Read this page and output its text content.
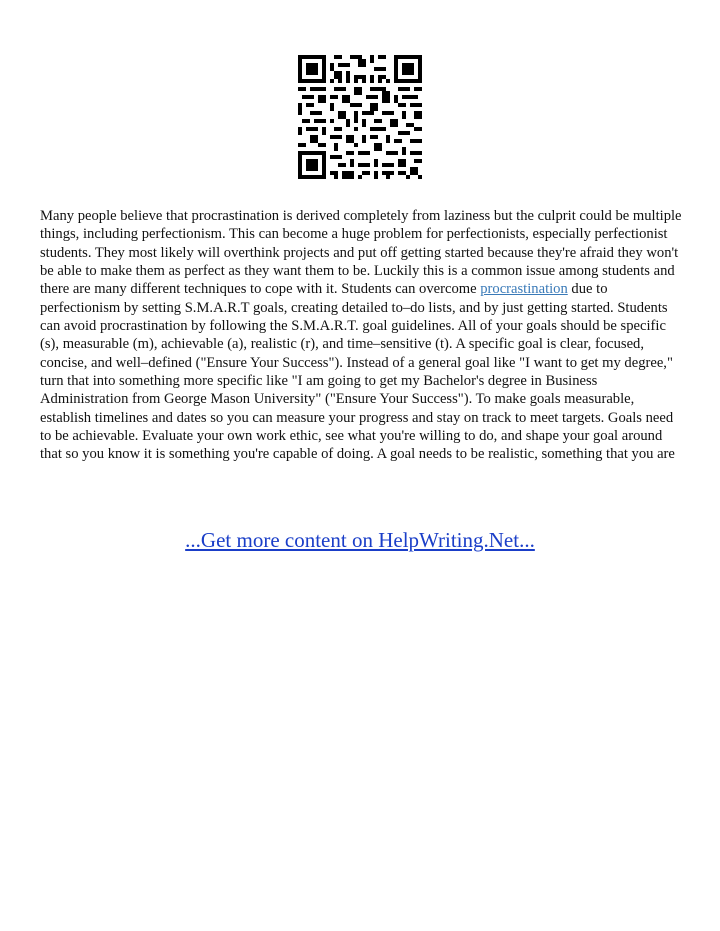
Many people believe that procrastination is derived completely from laziness but the culprit could be multiple things, including perfectionism. This can become a huge problem for perfectionists, especially perfectionist students. They most likely will overthink projects and put off getting started because they're afraid they won't be able to make them as perfect as they want them to be. Luckily this is a common issue among students and there are many different techniques to cope with it. Students can overcome procrastination due to perfectionism by setting S.M.A.R.T goals, creating detailed to–do lists, and by just getting started. Students can avoid procrastination by following the S.M.A.R.T. goal guidelines. All of your goals should be specific (s), measurable (m), achievable (a), realistic (r), and time–sensitive (t). A specific goal is clear, focused, concise, and well–defined ("Ensure Your Success"). Instead of a general goal like "I want to get my degree," turn that into something more specific like "I am going to get my Bachelor's degree in Business Administration from George Mason University" ("Ensure Your Success"). To make goals measurable, establish timelines and dates so you can measure your progress and stay on track to meet targets. Goals need to be achievable. Evaluate your own work ethic, see what you're willing to do, and shape your goal around that so you know it is something you're capable of doing. A goal needs to be realistic, something that you are

...Get more content on HelpWriting.Net...
